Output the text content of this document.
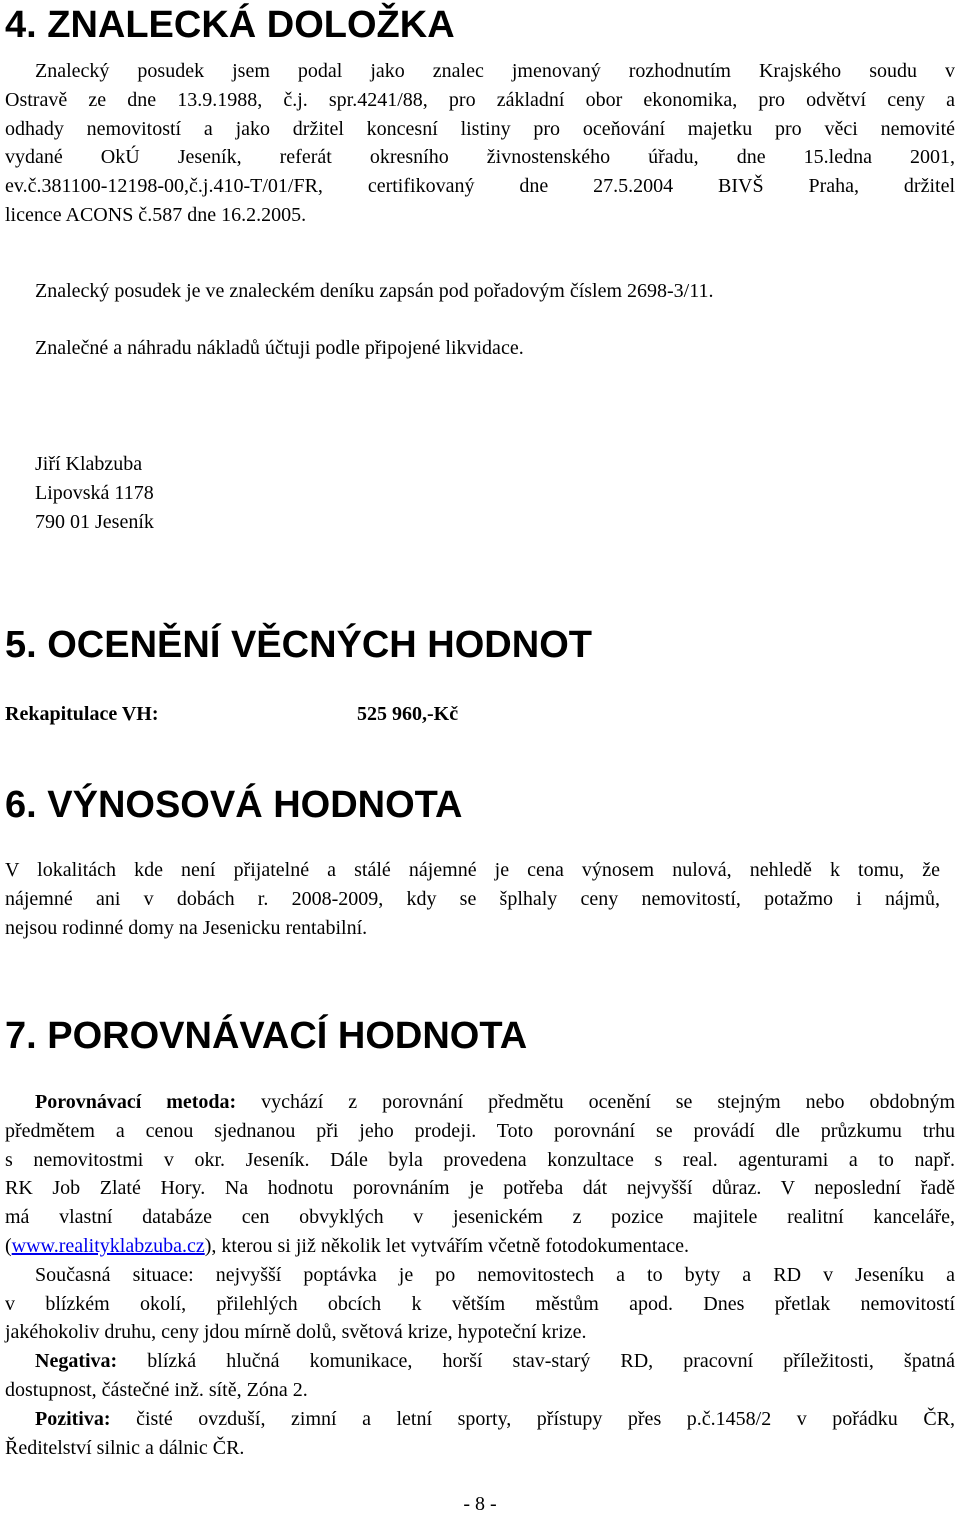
4. ZNALECKÁ DOLOŽKA
Znalecký posudek jsem podal jako znalec jmenovaný rozhodnutím Krajského soudu v
Ostravě ze dne 13.9.1988, č.j. spr.4241/88, pro základní obor ekonomika, pro odvětví ceny a
odhady nemovitostí a jako držitel koncesní listiny pro oceňování majetku pro věci nemovité
vydané OkÚ Jeseník, referát okresního živnostenského úřadu, dne 15.ledna 2001,
ev.č.381100-12198-00,č.j.410-T/01/FR, certifikovaný dne 27.5.2004 BIVŠ Praha, držitel
licence ACONS č.587 dne 16.2.2005.
Znalecký posudek je ve znaleckém deníku zapsán pod pořadovým číslem 2698-3/11.
Znalečné a náhradu nákladů účtuji podle připojené likvidace.
Jiří Klabzuba
Lipovská 1178
790 01 Jeseník
5. OCENĚNÍ VĚCNÝCH HODNOT
Rekapitulace VH:	525 960,-Kč
6. VÝNOSOVÁ HODNOTA
V lokalitách kde není přijatelné a stálé nájemné je cena výnosem nulová, nehledě k tomu, že
nájemné ani v dobách r. 2008-2009, kdy se šplhaly ceny nemovitostí, potažmo i nájmů,
nejsou rodinné domy na Jesenicku rentabilní.
7. POROVNÁVACÍ HODNOTA
Porovnávací metoda: vychází z porovnání předmětu ocenění se stejným nebo obdobným
předmětem a cenou sjednanou při jeho prodeji. Toto porovnání se provádí dle průzkumu trhu
s nemovitostmi v okr. Jeseník. Dále byla provedena konzultace s real. agenturami a to např.
RK Job Zlaté Hory. Na hodnotu porovnáním je potřeba dát nejvyšší důraz. V neposlední řadě
má vlastní databáze cen obvyklých v jesenickém z pozice majitele realitní kanceláře,
(www.realityklabzuba.cz), kterou si již několik let vytvářím včetně fotodokumentace.
Současná situace: nejvyšší poptávka je po nemovitostech a to byty a RD v Jeseníku a
v blízkém okolí, přilehlých obcích k větším městům apod. Dnes přetlak nemovitostí
jakéhokoliv druhu, ceny jdou mírně dolů, světová krize, hypoteční krize.
Negativa: blízká hlučná komunikace, horší stav-starý RD, pracovní příležitosti, špatná
dostupnost, částečné inž. sítě, Zóna 2.
Pozitiva: čisté ovzduší, zimní a letní sporty, přístupy přes p.č.1458/2 v pořádku ČR,
Ředitelství silnic a dálnic ČR.
- 8 -
